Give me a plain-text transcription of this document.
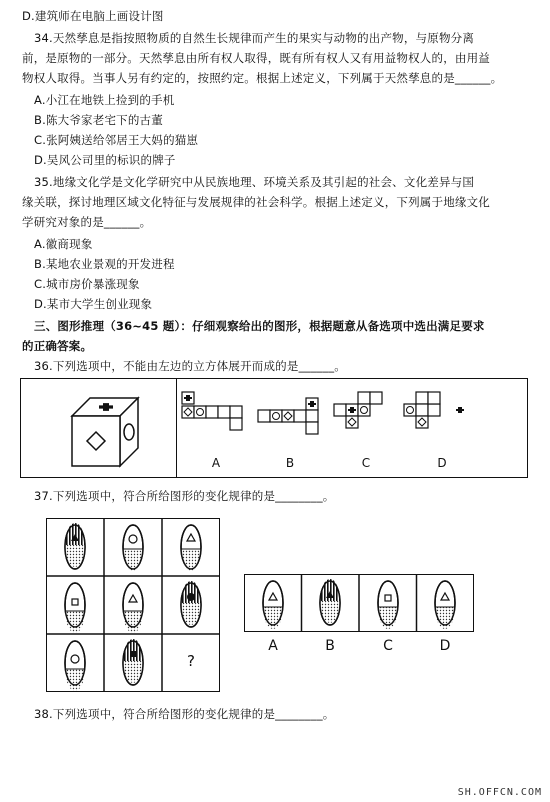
D.建筑师在电脑上画设计图
34.天然孳息是指按照物质的自然生长规律而产生的果实与动物的出产物，与原物分离
前，是原物的一部分。天然孳息由所有权人取得，既有所有权人又有用益物权人的，由用益
物权人取得。当事人另有约定的，按照约定。根据上述定义，下列属于天然孳息的是______。
A.小江在地铁上捡到的手机
B.陈大爷家老宅下的古董
C.张阿姨送给邻居王大妈的猫崽
D.吴风公司里的标识的牌子
35.地缘文化学是文化学研究中从民族地理、环境关系及其引起的社会、文化差异与国
缘关联，探讨地理区域文化特征与发展规律的社会科学。根据上述定义，下列属于地缘文化
学研究对象的是______。
A.徽商现象
B.某地农业景观的开发进程
C.城市房价暴涨现象
D.某市大学生创业现象
三、图形推理（36~45 题）：仔细观察给出的图形，根据题意从备选项中选出满足要求
的正确答案。
36.下列选项中，不能由左边的立方体展开而成的是______。
A	B	C	D
37.下列选项中，符合所给图形的变化规律的是________。
?
A	B	C	D
38.下列选项中，符合所给图形的变化规律的是________。
SH.OFFCN.COM
